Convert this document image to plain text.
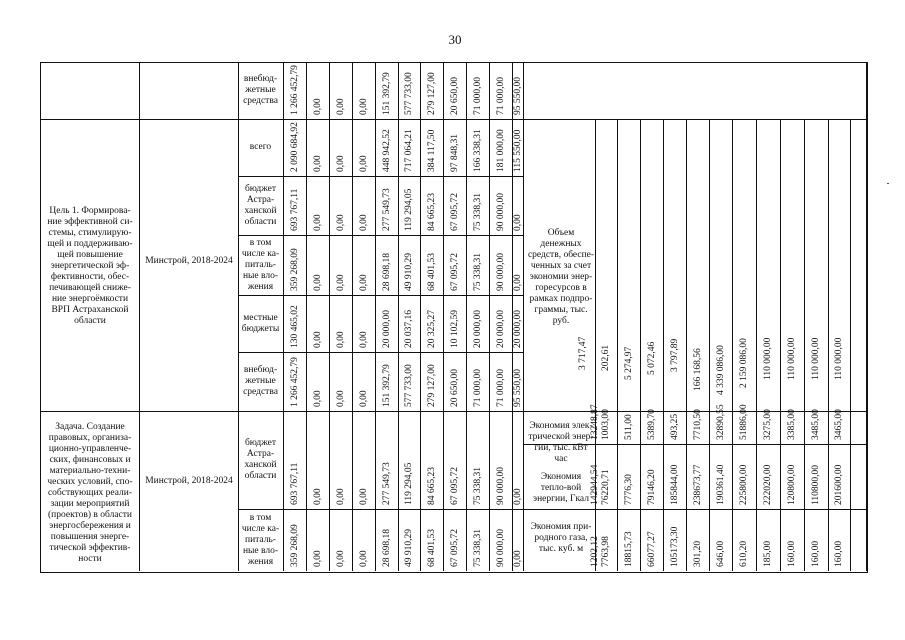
30
Цель 1. Формирова-ние эффективной си-стемы, стимулирую-щей и поддерживаю-щей повышение энергетической эф-фективности, обес-печивающей сниже-ние энергоёмкости ВРП Астраханской области
Задача. Создание правовых, организа-ционно-управленче-ских, финансовых и материально-техни-ческих условий, спо-собствующих реали-зации мероприятий (проектов) в области энергосбережения и повышения энерге-тической эффектив-ности
Минстрой, 2018-2024
Минстрой, 2018-2024
внебюд-жетные средства
всего
бюджет Астра-ханской области
в том числе ка-питаль-ные вло-жения
местные бюджеты
внебюд-жетные средства
бюджет Астра-ханской области
в том числе ка-питаль-ные вло-жения
1 266 452,79 0,00 0,00 0,00 151 392,79 577 733,00 279 127,00 20 650,00 71 000,00 71 000,00 95 550,00
2 090 684,92 0,00 0,00 0,00 448 942,52 717 064,21 384 117,50 97 848,31 166 338,31 181 000,00 115 550,00
693 767,11 0,00 0,00 0,00 277 549,73 119 294,05 84 665,23 67 095,72 75 338,31 90 000,00 0,00
359 268,09 0,00 0,00 0,00 28 698,18 49 910,29 68 401,53 67 095,72 75 338,31 90 000,00 0,00
130 465,02 0,00 0,00 0,00 20 000,00 20 037,16 20 325,27 10 102,59 20 000,00 20 000,00 20 000,00
1 266 452,79 0,00 0,00 0,00 151 392,79 577 733,00 279 127,00 20 650,00 71 000,00 71 000,00 95 550,00
693 767,11 0,00 0,00 0,00 277 549,73 119 294,05 84 665,23 67 095,72 75 338,31 90 000,00 0,00
359 268,09 0,00 0,00 0,00 28 698,18 49 910,29 68 401,53 67 095,72 75 338,31 90 000,00 0,00
Объем денежных средств, обеспе-ченных за счет экономии энер-горесурсов в рамках подпро-граммы, тыс. руб.
Экономия элек-трической энер-гии, тыс. кВт час
Экономия тепло-вой энергии, Гкал
Экономия при-родного газа, тыс. куб. м
3 717,47 202,61 5 274,97 5 072,46 3 797,89 166 168,56 4 339 086,00 2 159 086,00 110 000,00 110 000,00 110 000,00 110 000,00
13248,87 1003,00 511,00 5389,70 493,25 7710,50 32890,55 51886,00 3275,00 3385,00 3485,00 3465,00
142944,54 76220,71 7776,30 79146,20 185844,00 238673,77 190361,40 225800,00 222020,00 120800,00 110800,00 201600,00
1202,12 7763,98 18815,73 66077,27 105173,30 301,20 646,00 610,20 185,00 160,00 160,00 160,00
